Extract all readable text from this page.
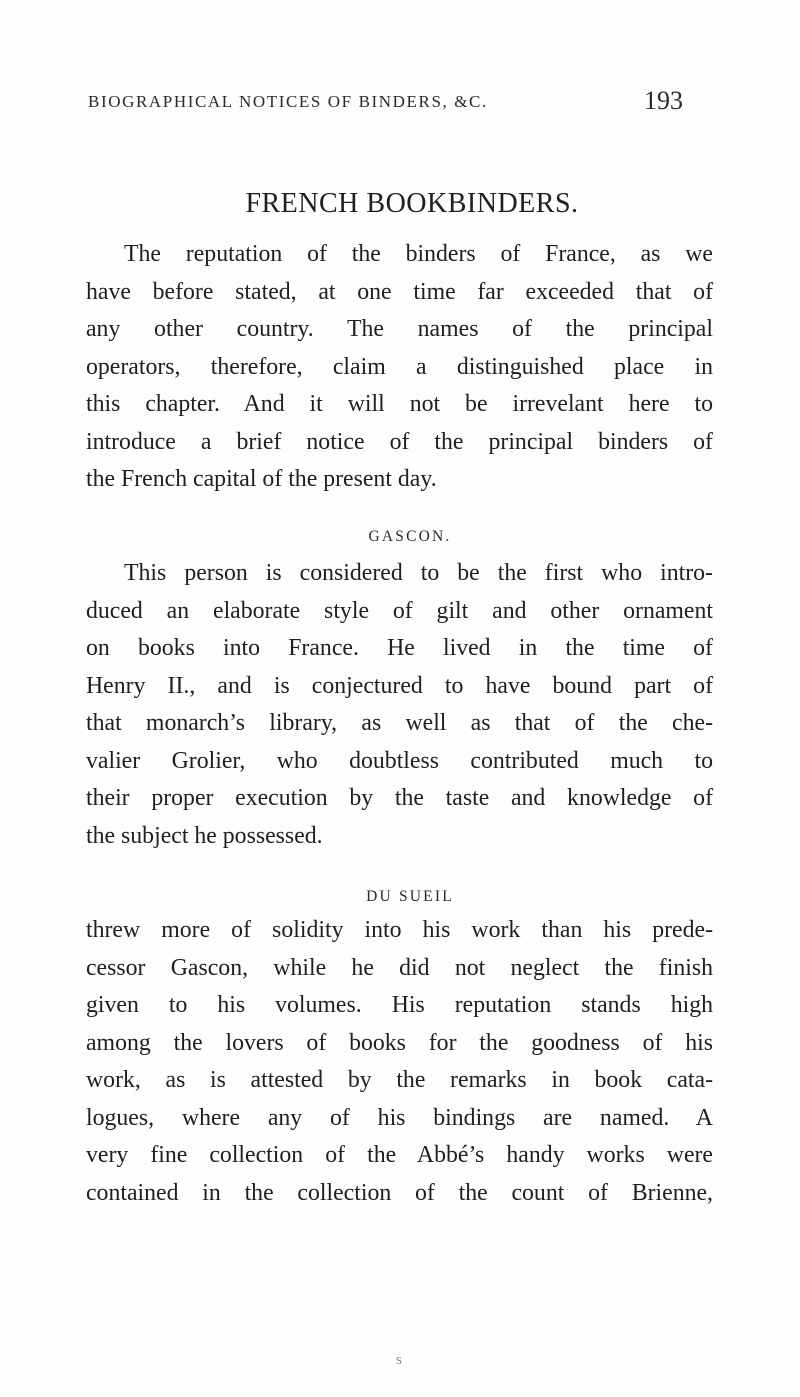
BIOGRAPHICAL NOTICES OF BINDERS, &C.	193
FRENCH BOOKBINDERS.

The reputation of the binders of France, as we
have before stated, at one time far exceeded that of
any other country. The names of the principal
operators, therefore, claim a distinguished place in
this chapter. And it will not be irrevelant here to
introduce a brief notice of the principal binders of
the French capital of the present day.

GASCON.

This person is considered to be the first who intro-
duced an elaborate style of gilt and other ornament
on books into France. He lived in the time of
Henry II., and is conjectured to have bound part of
that monarch’s library, as well as that of the che-
valier Grolier, who doubtless contributed much to
their proper execution by the taste and knowledge of
the subject he possessed.

DU SUEIL

threw more of solidity into his work than his prede-
cessor Gascon, while he did not neglect the finish
given to his volumes. His reputation stands high
among the lovers of books for the goodness of his
work, as is attested by the remarks in book cata-
logues, where any of his bindings are named. A
very fine collection of the Abbé’s handy works were
contained in the collection of the count of Brienne,

s
